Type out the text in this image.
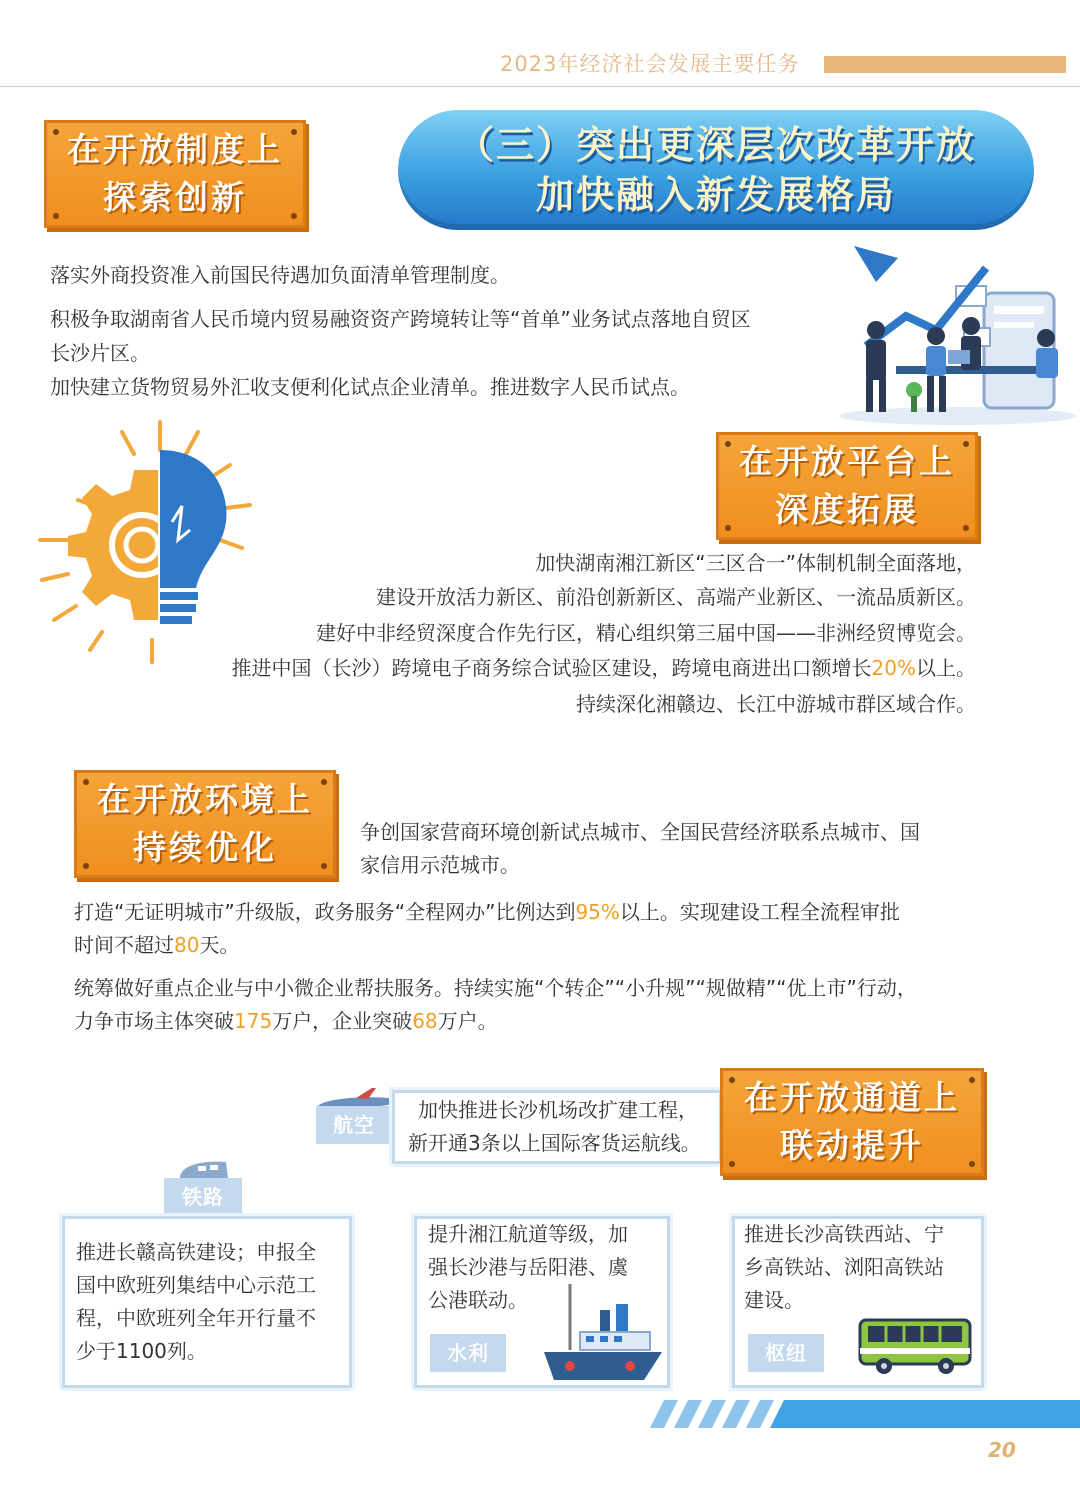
2023年经济社会发展主要任务
在开放制度上
探索创新
（三）突出更深层次改革开放
加快融入新发展格局
落实外商投资准入前国民待遇加负面清单管理制度。
积极争取湖南省人民币境内贸易融资资产跨境转让等“首单”业务试点落地自贸区
长沙片区。
加快建立货物贸易外汇收支便利化试点企业清单。推进数字人民币试点。
在开放平台上
深度拓展
加快湖南湘江新区“三区合一”体制机制全面落地，
建设开放活力新区、前沿创新新区、高端产业新区、一流品质新区。
建好中非经贸深度合作先行区，精心组织第三届中国——非洲经贸博览会。
推进中国（长沙）跨境电子商务综合试验区建设，跨境电商进出口额增长20%以上。
持续深化湘赣边、长江中游城市群区域合作。
在开放环境上
持续优化	争创国家营商环境创新试点城市、全国民营经济联系点城市、国
家信用示范城市。
打造“无证明城市”升级版，政务服务“全程网办”比例达到95%以上。实现建设工程全流程审批
时间不超过80天。
统筹做好重点企业与中小微企业帮扶服务。持续实施“个转企”“小升规”“规做精”“优上市”行动，
力争市场主体突破175万户，企业突破68万户。
航空
加快推进长沙机场改扩建工程，
新开通3条以上国际客货运航线。
在开放通道上
联动提升
铁路
推进长赣高铁建设；申报全
国中欧班列集结中心示范工
程，中欧班列全年开行量不
少于1100列。
提升湘江航道等级，加
强长沙港与岳阳港、虞
公港联动。
水利
推进长沙高铁西站、宁
乡高铁站、浏阳高铁站
建设。
枢纽
20
